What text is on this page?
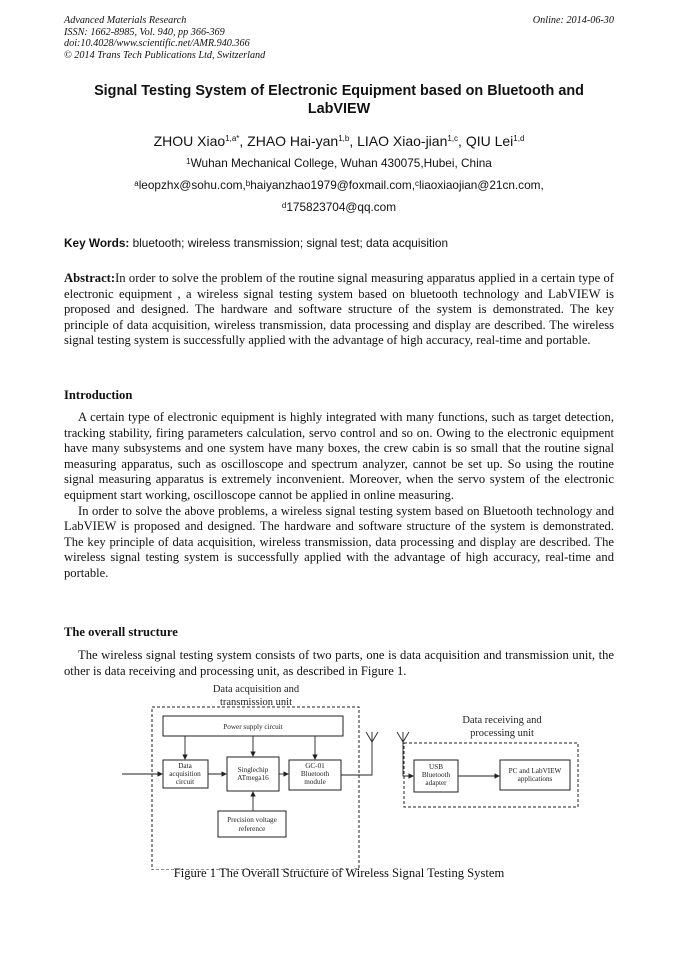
Advanced Materials Research
ISSN: 1662-8985, Vol. 940, pp 366-369
doi:10.4028/www.scientific.net/AMR.940.366
© 2014 Trans Tech Publications Ltd, Switzerland
Online: 2014-06-30
Signal Testing System of Electronic Equipment based on Bluetooth and
LabVIEW
ZHOU Xiao$^{1,a*}$, ZHAO Hai-yan$^{1,b}$, LIAO Xiao-jian$^{1,c}$, QIU Lei$^{1,d}$
$^1$Wuhan Mechanical College, Wuhan 430075,Hubei, China
$^a$leopzhx@sohu.com,$^b$haiyanzhao1979@foxmail.com,$^c$liaoxiaojian@21cn.com,
$^d$175823704@qq.com
Key Words: bluetooth; wireless transmission; signal test; data acquisition
Abstract:In order to solve the problem of the routine signal measuring apparatus applied in a certain type of electronic equipment , a wireless signal testing system based on bluetooth technology and LabVIEW is proposed and designed. The hardware and software structure of the system is demonstrated. The key principle of data acquisition, wireless transmission, data processing and display are described. The wireless signal testing system is successfully applied with the advantage of high accuracy, real-time and portable.
Introduction

A certain type of electronic equipment is highly integrated with many functions, such as target detection, tracking stability, firing parameters calculation, servo control and so on. Owing to the electronic equipment have many subsystems and one system have many boxes, the crew cabin is so small that the routine signal measuring apparatus, such as oscilloscope and spectrum analyzer, cannot be set up. So using the routine signal measuring apparatus is extremely inconvenient. Moreover, when the servo system of the electronic equipment start working, oscilloscope cannot be applied in online measuring.

In order to solve the above problems, a wireless signal testing system based on Bluetooth technology and LabVIEW is proposed and designed. The hardware and software structure of the system is demonstrated. The key principle of data acquisition, wireless transmission, data processing and display are described. The wireless signal testing system is successfully applied with the advantage of high accuracy, real-time and portable.

The overall structure

The wireless signal testing system consists of two parts, one is data acquisition and transmission unit, the other is data receiving and processing unit, as described in Figure 1.

Data acquisition and
transmission unit
Data receiving and
processing unit
Power supply circuit
Data
acquisition
circuit
Singlechip
ATmega16
GC-01
Bluetooth
module
Precision voltage
reference
USB
Bluetooth
adapter
PC and LabVIEW
applications
Figure 1 The Overall Structure of Wireless Signal Testing System
